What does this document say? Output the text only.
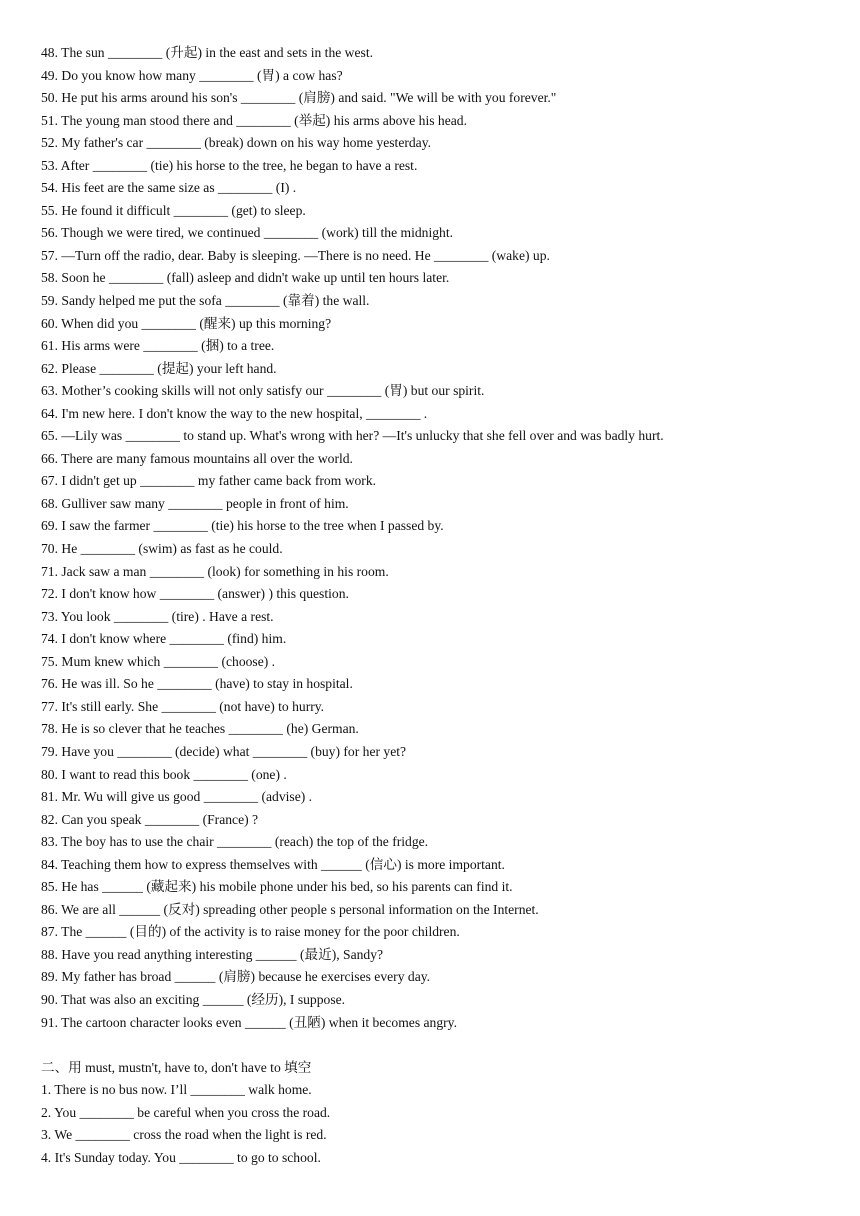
48. The sun ________ (升起) in the east and sets in the west.
49. Do you know how many ________ (胃) a cow has?
50. He put his arms around his son's ________ (肩膀) and said. "We will be with you forever."
51. The young man stood there and ________ (举起) his arms above his head.
52. My father's car ________ (break) down on his way home yesterday.
53. After ________ (tie) his horse to the tree, he began to have a rest.
54. His feet are the same size as ________ (I) .
55. He found it difficult ________ (get) to sleep.
56. Though we were tired, we continued ________ (work) till the midnight.
57. —Turn off the radio, dear. Baby is sleeping. —There is no need. He ________ (wake) up.
58. Soon he ________ (fall) asleep and didn't wake up until ten hours later.
59. Sandy helped me put the sofa ________ (靠着) the wall.
60. When did you ________ (醒来) up this morning?
61. His arms were ________ (捆) to a tree.
62. Please ________ (提起) your left hand.
63. Mother’s cooking skills will not only satisfy our ________ (胃) but our spirit.
64. I'm new here. I don't know the way to the new hospital, ________ .
65. —Lily was ________ to stand up. What's wrong with her? —It's unlucky that she fell over and was badly hurt.
66. There are many famous mountains all over the world.
67. I didn't get up ________ my father came back from work.
68. Gulliver saw many ________ people in front of him.
69. I saw the farmer ________ (tie) his horse to the tree when I passed by.
70. He ________ (swim) as fast as he could.
71. Jack saw a man ________ (look) for something in his room.
72. I don't know how ________ (answer) ) this question.
73. You look ________ (tire) . Have a rest.
74. I don't know where ________ (find) him.
75. Mum knew which ________ (choose) .
76. He was ill. So he ________ (have) to stay in hospital.
77. It's still early. She ________ (not have) to hurry.
78. He is so clever that he teaches ________ (he) German.
79. Have you ________ (decide) what ________ (buy) for her yet?
80. I want to read this book ________ (one) .
81. Mr. Wu will give us good ________ (advise) .
82. Can you speak ________ (France) ?
83. The boy has to use the chair ________ (reach) the top of the fridge.
84. Teaching them how to express themselves with ______ (信心) is more important.
85. He has ______ (藏起来) his mobile phone under his bed, so his parents can find it.
86. We are all ______ (反对) spreading other people s personal information on the Internet.
87. The ______ (目的) of the activity is to raise money for the poor children.
88. Have you read anything interesting ______ (最近), Sandy?
89. My father has broad ______ (肩膀) because he exercises every day.
90. That was also an exciting ______ (经历), I suppose.
91. The cartoon character looks even ______ (丑陋) when it becomes angry.
二、用 must, mustn't, have to, don't have to 填空
1. There is no bus now. I’ll ________ walk home.
2. You ________ be careful when you cross the road.
3. We ________ cross the road when the light is red.
4. It's Sunday today. You ________ to go to school.
